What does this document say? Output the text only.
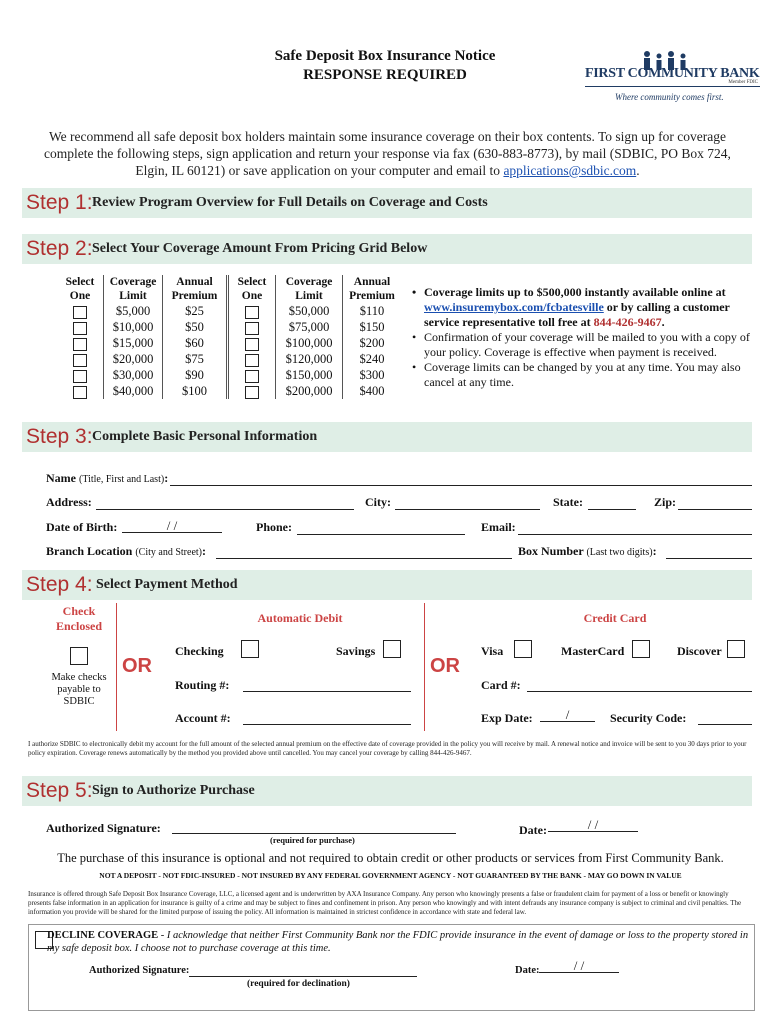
Safe Deposit Box Insurance Notice
RESPONSE REQUIRED	FIRST COMMUNITY BANK
Member FDIC
Where community comes first.
We recommend all safe deposit box holders maintain some insurance coverage on their box contents. To sign up for coverage complete the following steps, sign application and return your response via fax (630-883-8773), by mail (SDBIC, PO Box 724, Elgin, IL 60121) or save application on your computer and email to applications@sdbic.com.
Step 1: Review Program Overview for Full Details on Coverage and Costs
Step 2: Select Your Coverage Amount From Pricing Grid Below
Select One	Coverage Limit	Annual Premium	Select One	Coverage Limit	Annual Premium
	$5,000	$25		$50,000	$110
	$10,000	$50		$75,000	$150
	$15,000	$60		$100,000	$200
	$20,000	$75		$120,000	$240
	$30,000	$90		$150,000	$300
	$40,000	$100		$200,000	$400
• Coverage limits up to $500,000 instantly available online at www.insuremybox.com/fcbatesville or by calling a customer service representative toll free at 844-426-9467.
• Confirmation of your coverage will be mailed to you with a copy of your policy. Coverage is effective when payment is received.
• Coverage limits can be changed by you at any time. You may also cancel at any time.
Step 3: Complete Basic Personal Information
Name (Title, First and Last):
Address:	City:	State:	Zip:
Date of Birth:	/ /	Phone:	Email:
Branch Location (City and Street):	Box Number (Last two digits):
Step 4: Select Payment Method
Check Enclosed
Make checks payable to SDBIC
OR
Automatic Debit
Checking	Savings
Routing #:
Account #:
OR
Credit Card
Visa	MasterCard	Discover
Card #:
Exp Date:	/	Security Code:
I authorize SDBIC to electronically debit my account for the full amount of the selected annual premium on the effective date of coverage provided in the policy you will receive by mail. A renewal notice and invoice will be sent to you 30 days prior to your policy expiration. Coverage renews automatically by the method you provided above until cancelled. You may cancel your coverage by calling 844-426-9467.
Step 5: Sign to Authorize Purchase
Authorized Signature:
(required for purchase)
Date:	/ /
The purchase of this insurance is optional and not required to obtain credit or other products or services from First Community Bank.
NOT A DEPOSIT - NOT FDIC-INSURED - NOT INSURED BY ANY FEDERAL GOVERNMENT AGENCY - NOT GUARANTEED BY THE BANK - MAY GO DOWN IN VALUE
Insurance is offered through Safe Deposit Box Insurance Coverage, LLC, a licensed agent and is underwritten by AXA Insurance Company. Any person who knowingly presents a false or fraudulent claim for payment of a loss or benefit or knowingly presents false information in an application for insurance is guilty of a crime and may be subject to fines and confinement in prison. Any person who knowingly and with intent defrauds any insurance company is subject to criminal and civil penalties. The information you provide will be shared for the limited purpose of issuing the policy. All information is maintained in strictest confidence in accordance with state and federal law.
DECLINE COVERAGE - I acknowledge that neither First Community Bank nor the FDIC provide insurance in the event of damage or loss to the property stored in my safe deposit box. I choose not to purchase coverage at this time.
Authorized Signature:
(required for declination)
Date:	/ /
